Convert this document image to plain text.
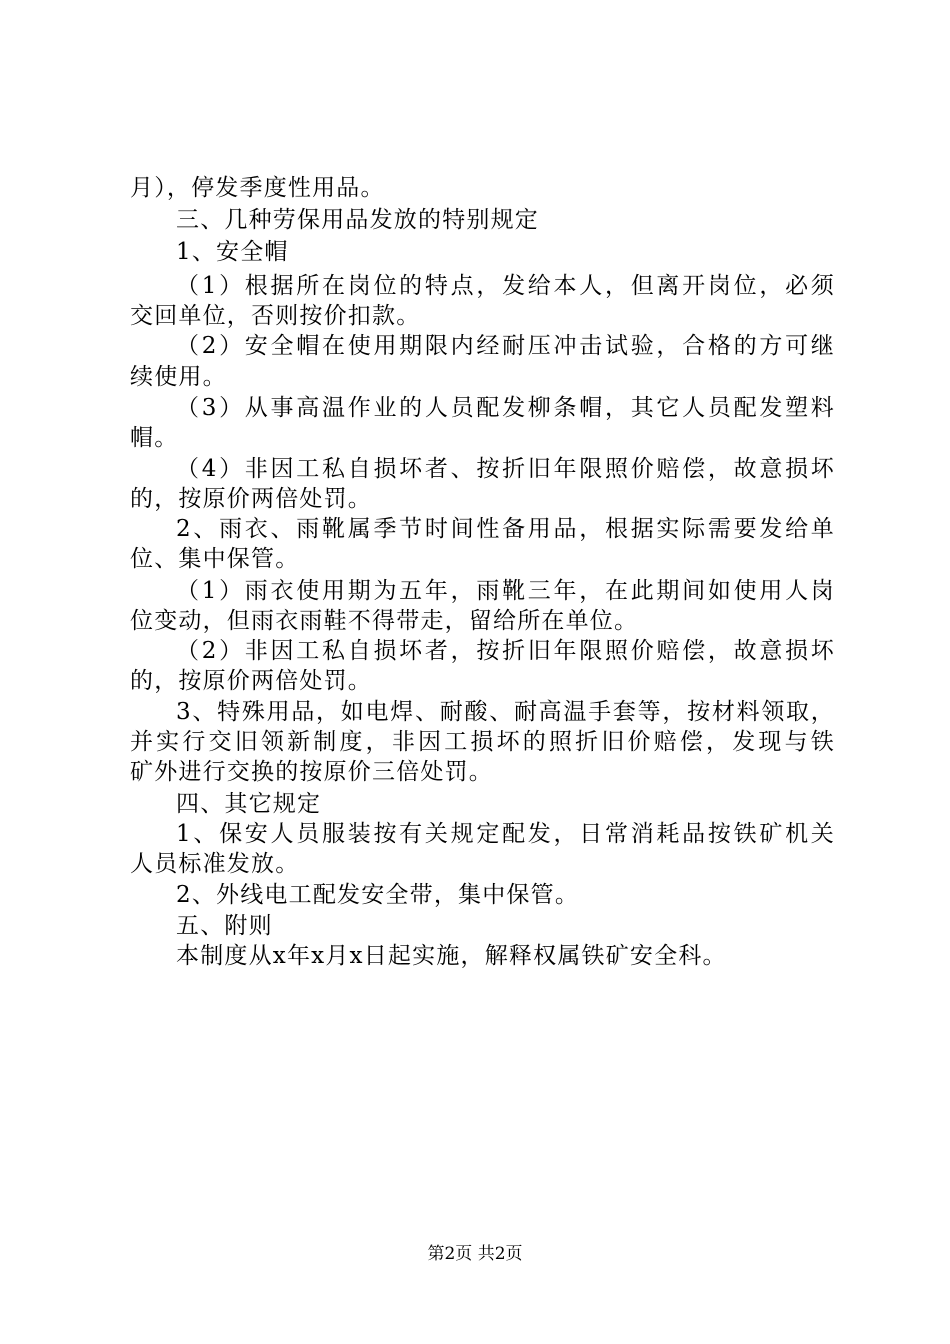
月），停发季度性用品。
三、几种劳保用品发放的特别规定
1、安全帽
（1）根据所在岗位的特点，发给本人，但离开岗位，必须
交回单位，否则按价扣款。
（2）安全帽在使用期限内经耐压冲击试验，合格的方可继
续使用。
（3）从事高温作业的人员配发柳条帽，其它人员配发塑料
帽。
（4）非因工私自损坏者、按折旧年限照价赔偿，故意损坏
的，按原价两倍处罚。
2、雨衣、雨靴属季节时间性备用品，根据实际需要发给单
位、集中保管。
（1）雨衣使用期为五年，雨靴三年，在此期间如使用人岗
位变动，但雨衣雨鞋不得带走，留给所在单位。
（2）非因工私自损坏者，按折旧年限照价赔偿，故意损坏
的，按原价两倍处罚。
3、特殊用品，如电焊、耐酸、耐高温手套等，按材料领取，
并实行交旧领新制度，非因工损坏的照折旧价赔偿，发现与铁
矿外进行交换的按原价三倍处罚。
四、其它规定
1、保安人员服装按有关规定配发，日常消耗品按铁矿机关
人员标准发放。
2、外线电工配发安全带，集中保管。
五、附则
本制度从x年x月x日起实施，解释权属铁矿安全科。
第2页 共2页
